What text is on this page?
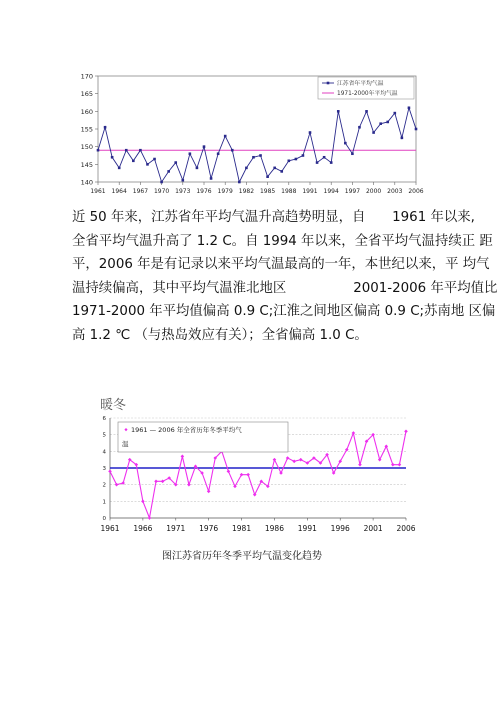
140
145
150
155
160
165
170
1961 1964 1967 1970 1973 1976 1979 1982 1985 1988 1991 1994 1997 2000 2003 2006
江苏省年平均气温
1971-2000年平均气温

近 50 年来，江苏省年平均气温升高趋势明显，自　　1961 年以来,

全省平均气温升高了 1.2 C。自 1994 年以来，全省平均气温持续正 距

平，2006 年是有记录以来平均气温最高的一年，本世纪以来，平 均气

温持续偏高，其中平均气温淮北地区　　　　　2001-2006 年平均值比

1971-2000 年平均值偏高 0.9 C;江淮之间地区偏高 0.9 C;苏南地 区偏

高 1.2 ℃ （与热岛效应有关）；全省偏高 1.0 C。

暖冬
0
1
2
3
4
5
6
1961 1966 1971 1976 1981 1986 1991 1996 2001 2006
1961 — 2006 年全省历年冬季平均气
温
图江苏省历年冬季平均气温变化趋势
